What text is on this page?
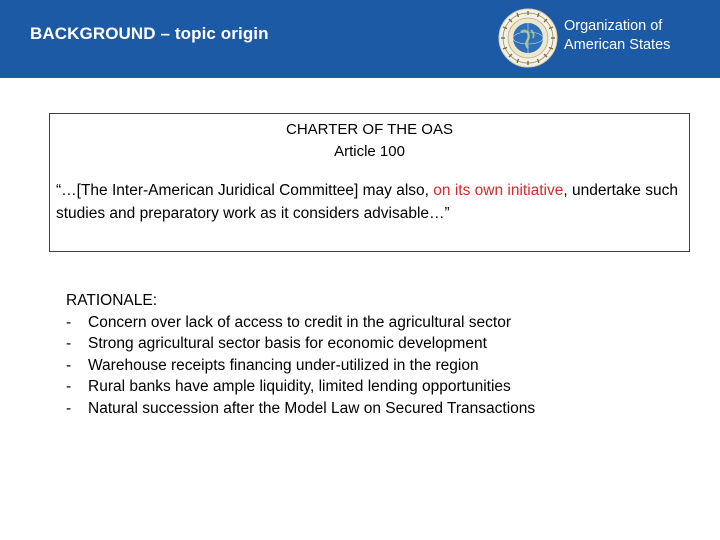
BACKGROUND – topic origin	Organization of
American States
CHARTER OF THE OAS
Article 100
“…[The Inter-American Juridical Committee] may also, on its own initiative, undertake such studies and preparatory work as it considers advisable…”
RATIONALE:
-	Concern over lack of access to credit in the agricultural sector
-	Strong agricultural sector basis for economic development
-	Warehouse receipts financing under-utilized in the region
-	Rural banks have ample liquidity, limited lending opportunities
-	Natural succession after the Model Law on Secured Transactions
